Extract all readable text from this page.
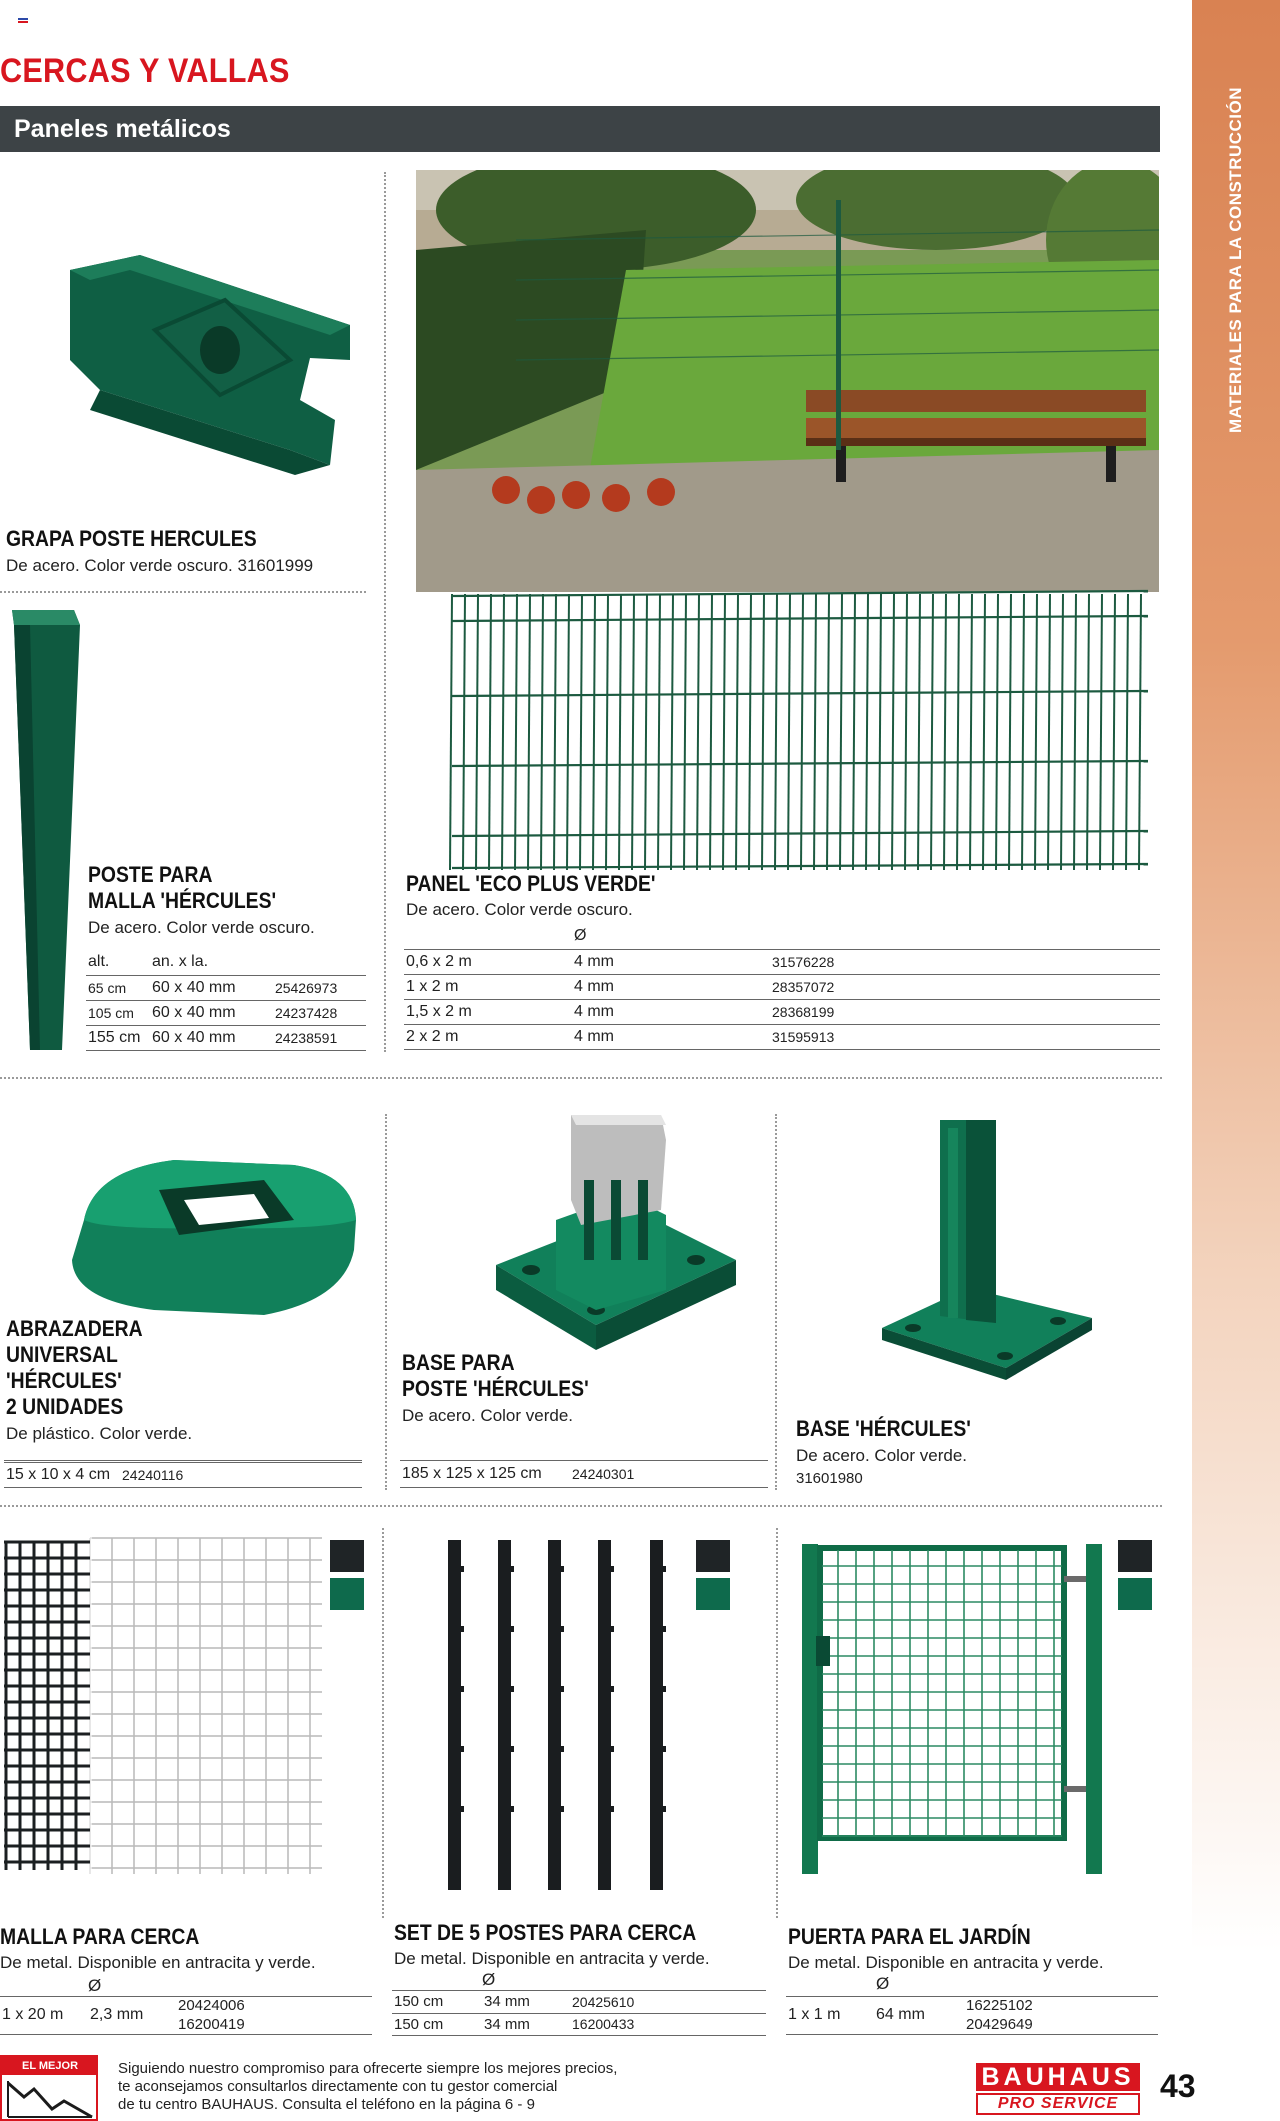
MATERIALES PARA LA CONSTRUCCIÓN
CERCAS Y VALLAS
Paneles metálicos
GRAPA POSTE HERCULES
De acero. Color verde oscuro. 31601999
POSTE PARA
MALLA 'HÉRCULES'
De acero. Color verde oscuro.
alt.	an. x la.	
65 cm	60 x 40 mm	25426973
105 cm	60 x 40 mm	24237428
155 cm	60 x 40 mm	24238591
PANEL 'ECO PLUS VERDE'
De acero. Color verde oscuro.
	Ø	
0,6 x 2 m	4 mm	31576228
1 x 2 m	4 mm	28357072
1,5 x 2 m	4 mm	28368199
2 x 2 m	4 mm	31595913
ABRAZADERA
UNIVERSAL
'HÉRCULES'
2 UNIDADES
De plástico. Color verde.
15 x 10 x 4 cm	24240116
BASE PARA
POSTE 'HÉRCULES'
De acero. Color verde.
185 x 125 x 125 cm	24240301
BASE 'HÉRCULES'
De acero. Color verde.
31601980
MALLA PARA CERCA
De metal. Disponible en antracita y verde.
Ø
1 x 20 m 2,3 mm
20424006
16200419
SET DE 5 POSTES PARA CERCA
De metal. Disponible en antracita y verde.
Ø
150 cm	34 mm	20425610
150 cm	34 mm	16200433
PUERTA PARA EL JARDÍN
De metal. Disponible en antracita y verde.
Ø
1 x 1 m 64 mm
16225102
20429649
EL MEJOR PRECIO
Siguiendo nuestro compromiso para ofrecerte siempre los mejores precios,
te aconsejamos consultarlos directamente con tu gestor comercial
de tu centro BAUHAUS. Consulta el teléfono en la página 6 - 9
BAUHAUS
PRO SERVICE	43
